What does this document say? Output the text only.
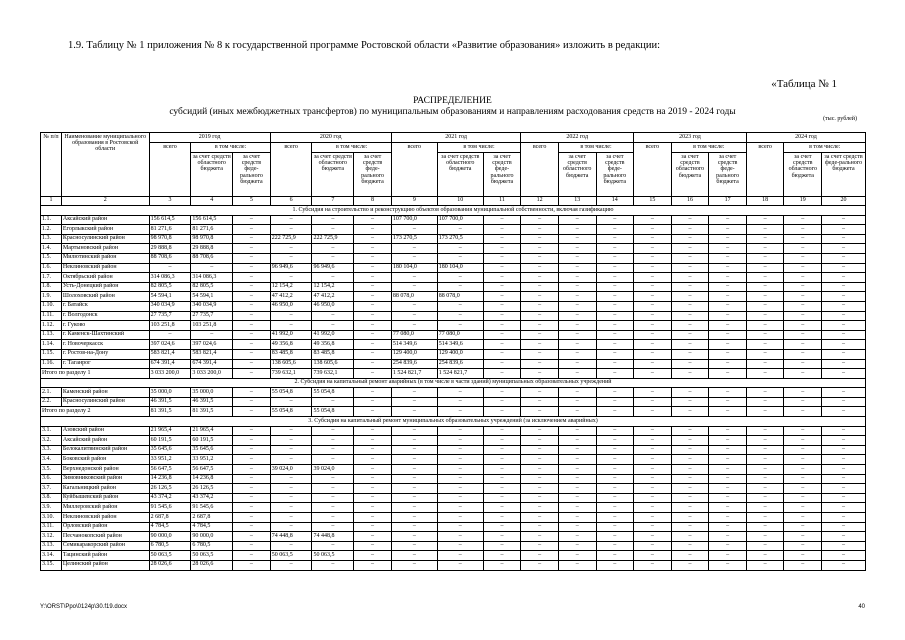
1.9. Таблицу № 1 приложения № 8 к государственной программе Ростовской области «Развитие образования» изложить в редакции:
«Таблица № 1
РАСПРЕДЕЛЕНИЕ
субсидий (иных межбюджетных трансфертов) по муниципальным образованиям и направлениям расходования средств на 2019 - 2024 годы
(тыс. рублей)
№ п/п	Наименование муниципального образования в Ростовской области	2019 год			2020 год			2021 год			2022 год			2023 год			2024 год		
		всего	в том числе:		всего	в том числе:		всего	в том числе:		всего	в том числе:		всего	в том числе:		всего	в том числе:	
			за счет средств областного бюджета	за счет средств феде-рального бюджета		за счет средств областного бюджета	за счет средств феде-рального бюджета		за счет средств областного бюджета	за счет средств феде-рального бюджета		за счет средств областного бюджета	за счет средств феде-рального бюджета		за счет средств областного бюджета	за счет средств феде-рального бюджета		за счет средств областного бюджета	за счет средств феде-рального бюджета
1	2	3	4	5	6	7	8	9	10	11	12	13	14	15	16	17	18	19	20
1. Субсидия на строительство и реконструкцию объектов образования муниципальной собственности, включая газификацию																			
1.1.	Аксайский район	156 614,5	156 614,5	–	–	–	–	107 700,0	107 700,0	–	–	–	–	–	–	–	–	–	–
1.2.	Егорлыкский район	81 271,6	81 271,6	–	–	–	–	–	–	–	–	–	–	–	–	–	–	–	–
1.3.	Красносулинский район	98 970,8	98 970,8	–	222 725,9	222 725,9	–	173 270,5	173 270,5	–	–	–	–	–	–	–	–	–	–
1.4.	Мартыновский район	29 888,8	29 888,8	–	–	–	–	–	–	–	–	–	–	–	–	–	–	–	–
1.5.	Милютинский район	88 708,6	88 708,6	–	–	–	–	–	–	–	–	–	–	–	–	–	–	–	–
1.6.	Неклиновский район	–	–	–	96 949,6	96 949,6	–	180 104,0	180 104,0	–	–	–	–	–	–	–	–	–	–
1.7.	Октябрьский район	314 086,3	314 086,3	–	–	–	–	–	–	–	–	–	–	–	–	–	–	–	–
1.8.	Усть-Донецкий район	82 805,5	82 805,5	–	12 154,2	12 154,2	–	–	–	–	–	–	–	–	–	–	–	–	–
1.9.	Шолоховский район	54 594,1	54 594,1	–	47 412,2	47 412,2	–	88 078,0	88 078,0	–	–	–	–	–	–	–	–	–	–
1.10.	г. Батайск	340 034,9	340 034,9	–	46 950,0	46 950,0	–	–	–	–	–	–	–	–	–	–	–	–	–
1.11.	г. Волгодонск	27 735,7	27 735,7	–	–	–	–	–	–	–	–	–	–	–	–	–	–	–	–
1.12.	г. Гуково	103 251,8	103 251,8	–	–	–	–	–	–	–	–	–	–	–	–	–	–	–	–
1.13.	г. Каменск-Шахтинский	–	–	–	41 992,0	41 992,0	–	77 080,0	77 080,0	–	–	–	–	–	–	–	–	–	–
1.14.	г. Новочеркасск	397 024,6	397 024,6	–	49 356,8	49 356,8	–	514 349,6	514 349,6	–	–	–	–	–	–	–	–	–	–
1.15.	г. Ростов-на-Дону	583 821,4	583 821,4	–	83 485,8	83 485,8	–	129 400,0	129 400,0	–	–	–	–	–	–	–	–	–	–
1.16.	г. Таганрог	674 391,4	674 391,4	–	138 605,6	138 605,6	–	254 839,6	254 839,6	–	–	–	–	–	–	–	–	–	–
Итого по разделу 1		3 033 200,0	3 033 200,0	–	739 632,1	739 632,1	–	1 524 821,7	1 524 821,7	–	–	–	–	–	–	–	–	–	–
2. Субсидия на капитальный ремонт аварийных (в том числе в части зданий) муниципальных образовательных учреждений																			
2.1.	Каменский район	35 000,0	35 000,0	–	55 054,8	55 054,8	–	–	–	–	–	–	–	–	–	–	–	–	–
2.2.	Красносулинский район	46 391,5	46 391,5	–	–	–	–	–	–	–	–	–	–	–	–	–	–	–	–
Итого по разделу 2		81 391,5	81 391,5	–	55 054,8	55 054,8	–	–	–	–	–	–	–	–	–	–	–	–	–
3. Субсидия на капитальный ремонт муниципальных образовательных учреждений (за исключением аварийных)																			
3.1.	Азовский район	21 965,4	21 965,4	–	–	–	–	–	–	–	–	–	–	–	–	–	–	–	–
3.2.	Аксайский район	60 191,5	60 191,5	–	–	–	–	–	–	–	–	–	–	–	–	–	–	–	–
3.3.	Белокалитвинский район	35 645,6	35 645,6	–	–	–	–	–	–	–	–	–	–	–	–	–	–	–	–
3.4.	Боковский район	33 951,2	33 951,2	–	–	–	–	–	–	–	–	–	–	–	–	–	–	–	–
3.5.	Верхнедонской район	56 647,5	56 647,5	–	39 024,0	39 024,0	–	–	–	–	–	–	–	–	–	–	–	–	–
3.6.	Зимовниковский район	14 236,8	14 236,8	–	–	–	–	–	–	–	–	–	–	–	–	–	–	–	–
3.7.	Кагальницкий район	26 126,5	26 126,5	–	–	–	–	–	–	–	–	–	–	–	–	–	–	–	–
3.8.	Куйбышевский район	43 374,2	43 374,2	–	–	–	–	–	–	–	–	–	–	–	–	–	–	–	–
3.9.	Миллеровский район	91 545,6	91 545,6	–	–	–	–	–	–	–	–	–	–	–	–	–	–	–	–
3.10.	Неклиновский район	2 687,8	2 687,8	–	–	–	–	–	–	–	–	–	–	–	–	–	–	–	–
3.11.	Орловский район	4 784,5	4 784,5	–	–	–	–	–	–	–	–	–	–	–	–	–	–	–	–
3.12.	Песчанокопский район	90 000,0	90 000,0	–	74 448,8	74 448,8	–	–	–	–	–	–	–	–	–	–	–	–	–
3.13.	Семикаракорский район	6 780,5	6 780,5	–	–	–	–	–	–	–	–	–	–	–	–	–	–	–	–
3.14.	Тацинский район	50 063,5	50 063,5	–	50 063,5	50 063,5	–	–	–	–	–	–	–	–	–	–	–	–	–
3.15.	Целинский район	28 026,6	28 026,6	–	–	–	–	–	–	–	–	–	–	–	–	–	–	–	–
Y:\ORST\Ppo\0124p\30.f19.docx	40
